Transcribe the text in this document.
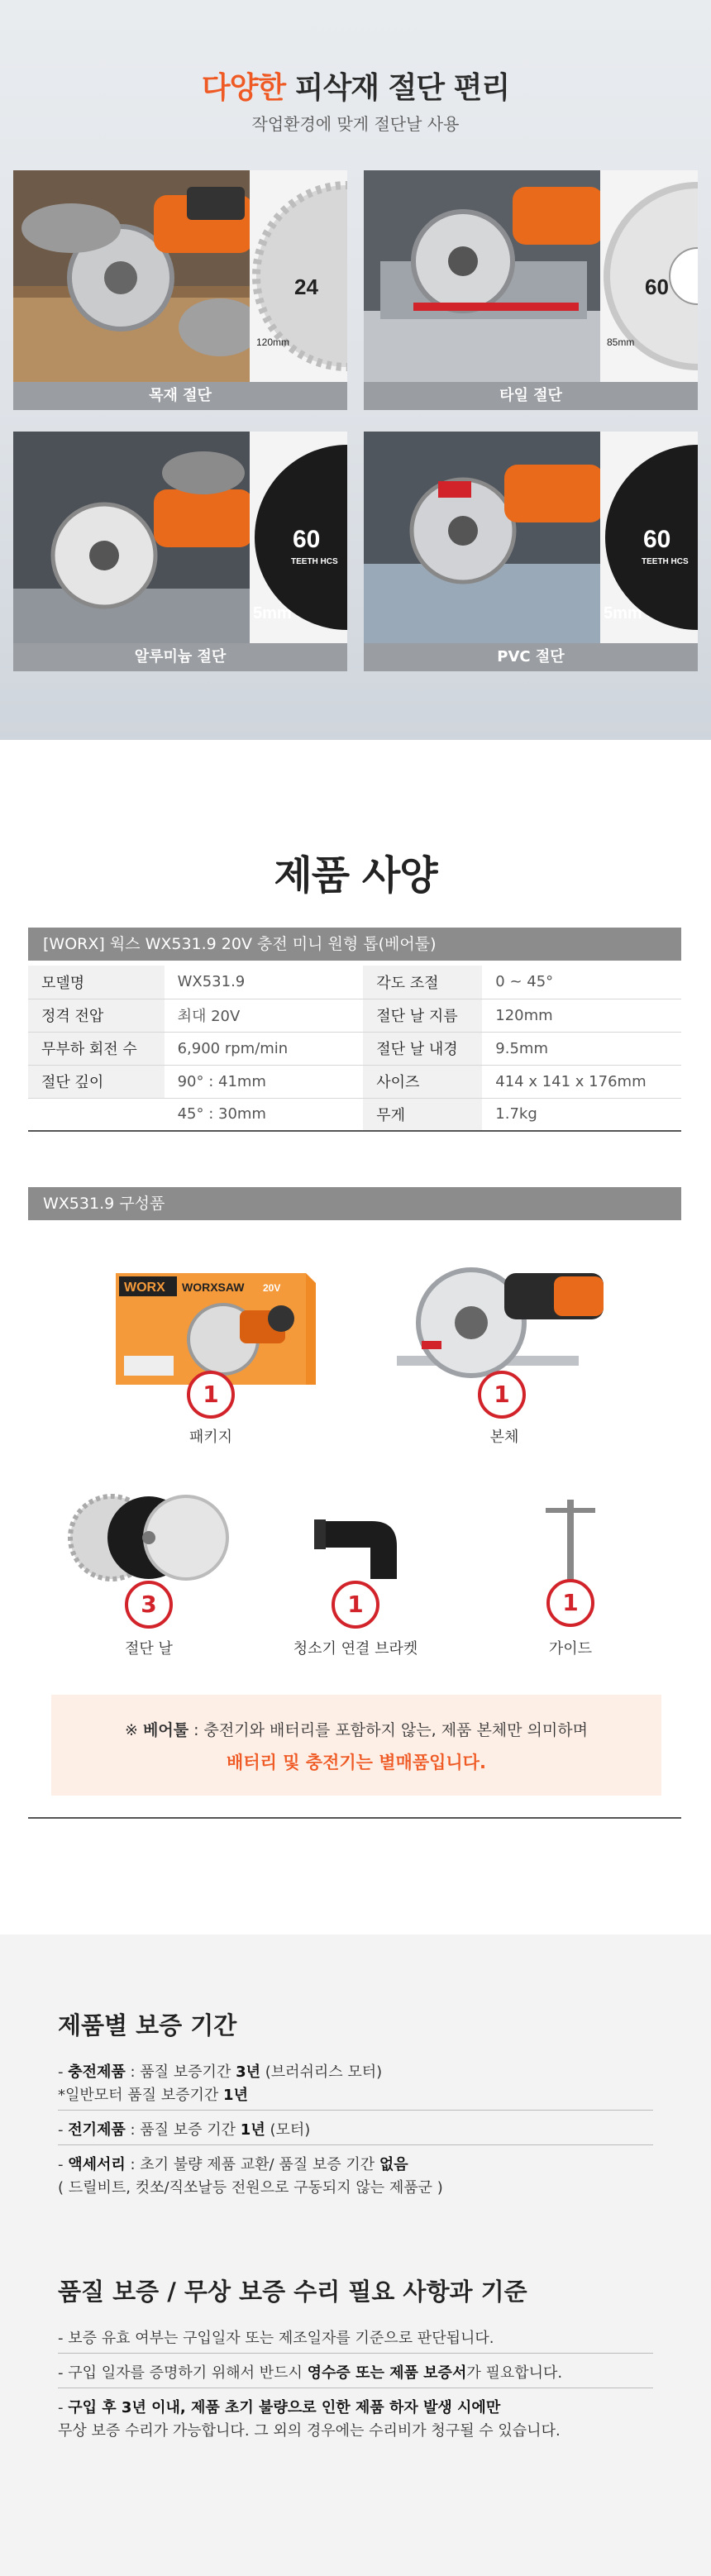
다양한 피삭재 절단 편리
작업환경에 맞게 절단날 사용
24
120mm
목재 절단
60
85mm
타일 절단
60
TEETH HCS
5mm
알루미늄 절단
60
TEETH HCS
5mm
PVC 절단
제품 사양
[WORX] 웍스 WX531.9 20V 충전 미니 원형 톱(베어툴)
모델명	WX531.9	각도 조절	0 ~ 45°
정격 전압	최대 20V	절단 날 지름	120mm
무부하 회전 수	6,900 rpm/min	절단 날 내경	9.5mm
절단 깊이	90° : 41mm	사이즈	414 x 141 x 176mm
	45° : 30mm	무게	1.7kg
WX531.9 구성품
WORX WORXSAW 20V
1
패키지
1
본체
3
절단 날
1
청소기 연결 브라켓
1
가이드
※ 베어툴 : 충전기와 배터리를 포함하지 않는, 제품 본체만 의미하며
배터리 및 충전기는 별매품입니다.
제품별 보증 기간
- 충전제품 : 품질 보증기간 3년 (브러쉬리스 모터)
*일반모터 품질 보증기간 1년
- 전기제품 : 품질 보증 기간 1년 (모터)
- 액세서리 : 초기 불량 제품 교환/ 품질 보증 기간 없음
( 드릴비트, 컷쏘/직쏘날등 전원으로 구동되지 않는 제품군 )
품질 보증 / 무상 보증 수리 필요 사항과 기준
- 보증 유효 여부는 구입일자 또는 제조일자를 기준으로 판단됩니다.
- 구입 일자를 증명하기 위해서 반드시 영수증 또는 제품 보증서가 필요합니다.
- 구입 후 3년 이내, 제품 초기 불량으로 인한 제품 하자 발생 시에만
무상 보증 수리가 가능합니다. 그 외의 경우에는 수리비가 청구될 수 있습니다.
